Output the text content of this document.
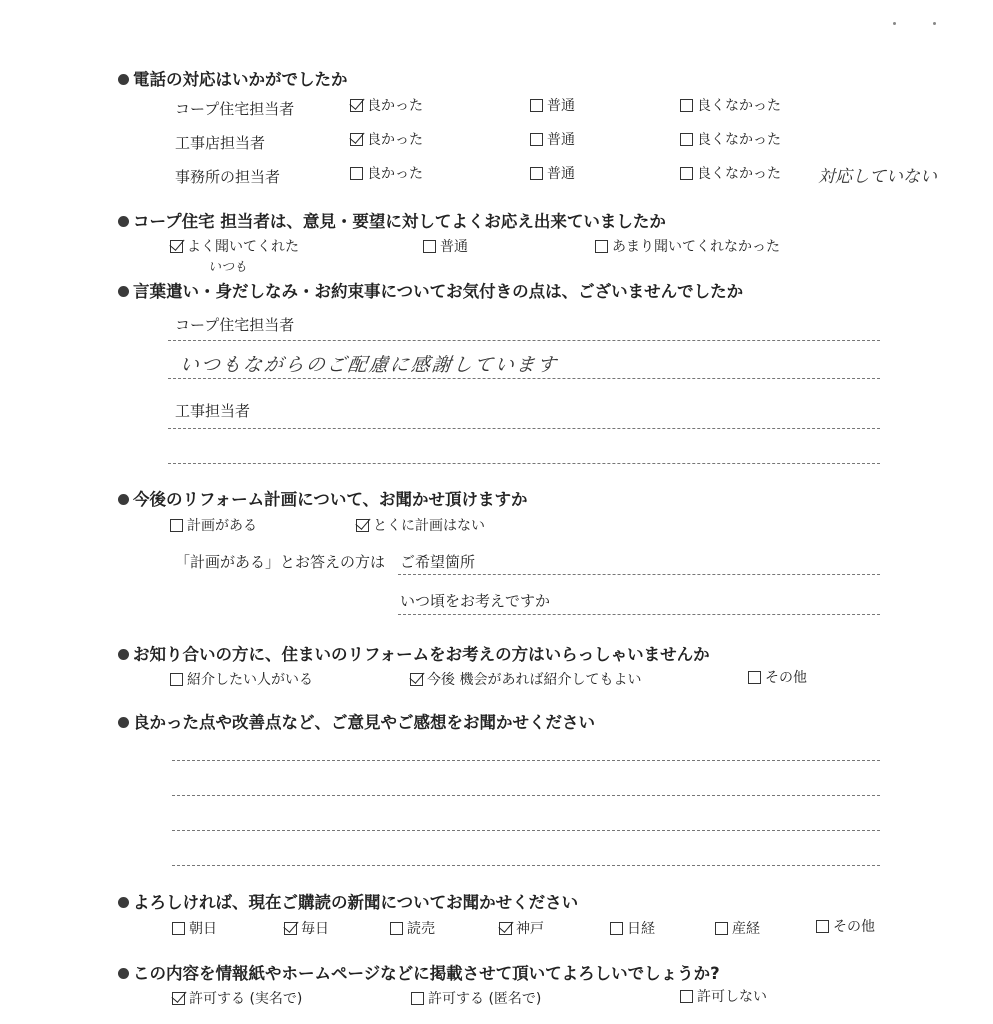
電話の対応はいかがでしたか
コープ住宅担当者	良かった	普通	良くなかった
工事店担当者	良かった	普通	良くなかった
事務所の担当者	良かった	普通	良くなかった 対応していない
コープ住宅 担当者は、意見・要望に対してよくお応え出来ていましたか
よく聞いてくれた	普通	あまり聞いてくれなかった
いつも
言葉遣い・身だしなみ・お約束事についてお気付きの点は、ございませんでしたか
コープ住宅担当者
いつもながらのご配慮に感謝しています
工事担当者
今後のリフォーム計画について、お聞かせ頂けますか
計画がある	とくに計画はない
「計画がある」とお答えの方は ご希望箇所
いつ頃をお考えですか
お知り合いの方に、住まいのリフォームをお考えの方はいらっしゃいませんか
紹介したい人がいる	今後 機会があれば紹介してもよい	その他
良かった点や改善点など、ご意見やご感想をお聞かせください
よろしければ、現在ご購読の新聞についてお聞かせください
朝日	毎日	読売	神戸	日経	産経	その他
この内容を情報紙やホームページなどに掲載させて頂いてよろしいでしょうか?
許可する (実名で)	許可する (匿名で)	許可しない
